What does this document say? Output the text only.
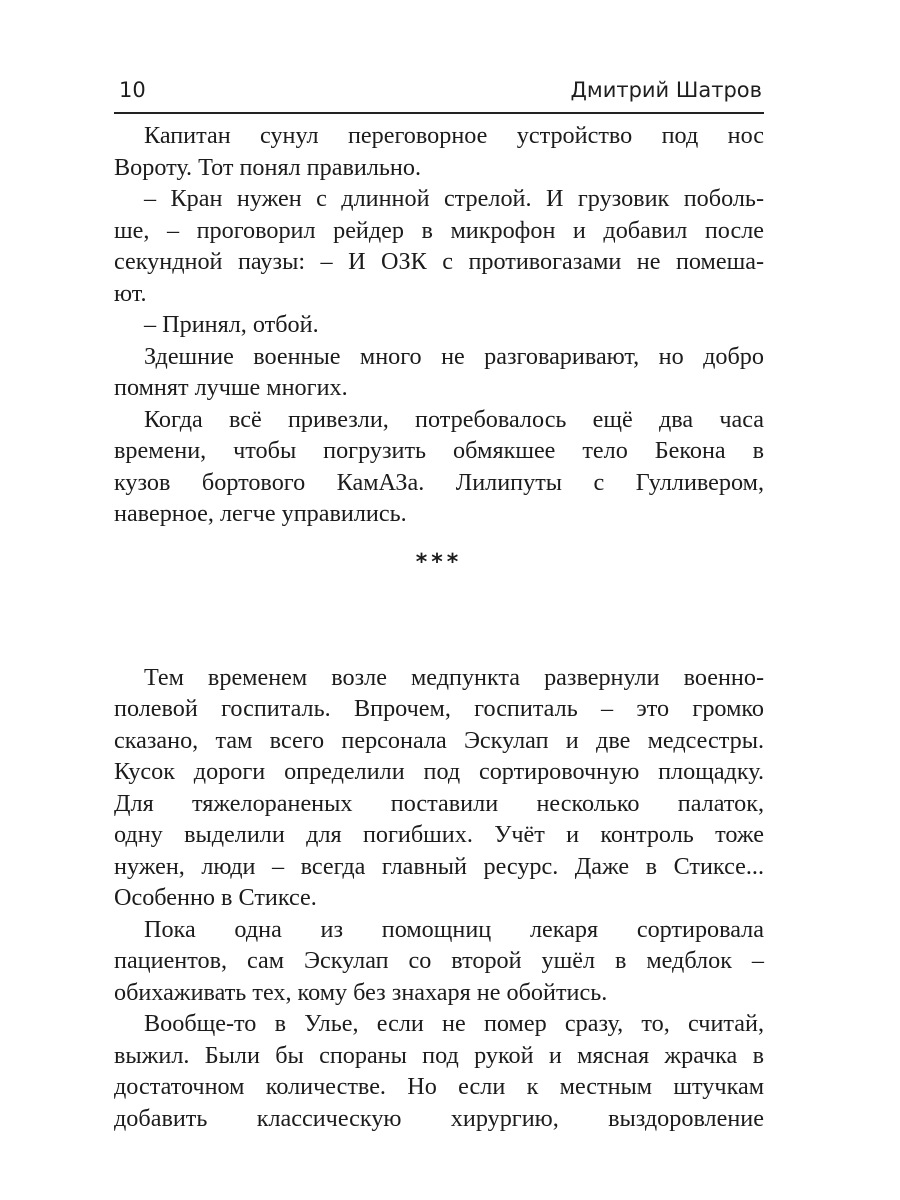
10	Дмитрий Шатров
Капитан сунул переговорное устройство под нос
Вороту. Тот понял правильно.
– Кран нужен с длинной стрелой. И грузовик поболь-
ше, – проговорил рейдер в микрофон и добавил после
секундной паузы: – И ОЗК с противогазами не помеша-
ют.
– Принял, отбой.
Здешние военные много не разговаривают, но добро
помнят лучше многих.
Когда всё привезли, потребовалось ещё два часа
времени, чтобы погрузить обмякшее тело Бекона в
кузов бортового КамАЗа. Лилипуты с Гулливером,
наверное, легче управились.
***
Тем временем возле медпункта развернули военно-
полевой госпиталь. Впрочем, госпиталь – это громко
сказано, там всего персонала Эскулап и две медсестры.
Кусок дороги определили под сортировочную площадку.
Для тяжелораненых поставили несколько палаток,
одну выделили для погибших. Учёт и контроль тоже
нужен, люди – всегда главный ресурс. Даже в Стиксе...
Особенно в Стиксе.
Пока одна из помощниц лекаря сортировала
пациентов, сам Эскулап со второй ушёл в медблок –
обихаживать тех, кому без знахаря не обойтись.
Вообще-то в Улье, если не помер сразу, то, считай,
выжил. Были бы спораны под рукой и мясная жрачка в
достаточном количестве. Но если к местным штучкам
добавить классическую хирургию, выздоровление
